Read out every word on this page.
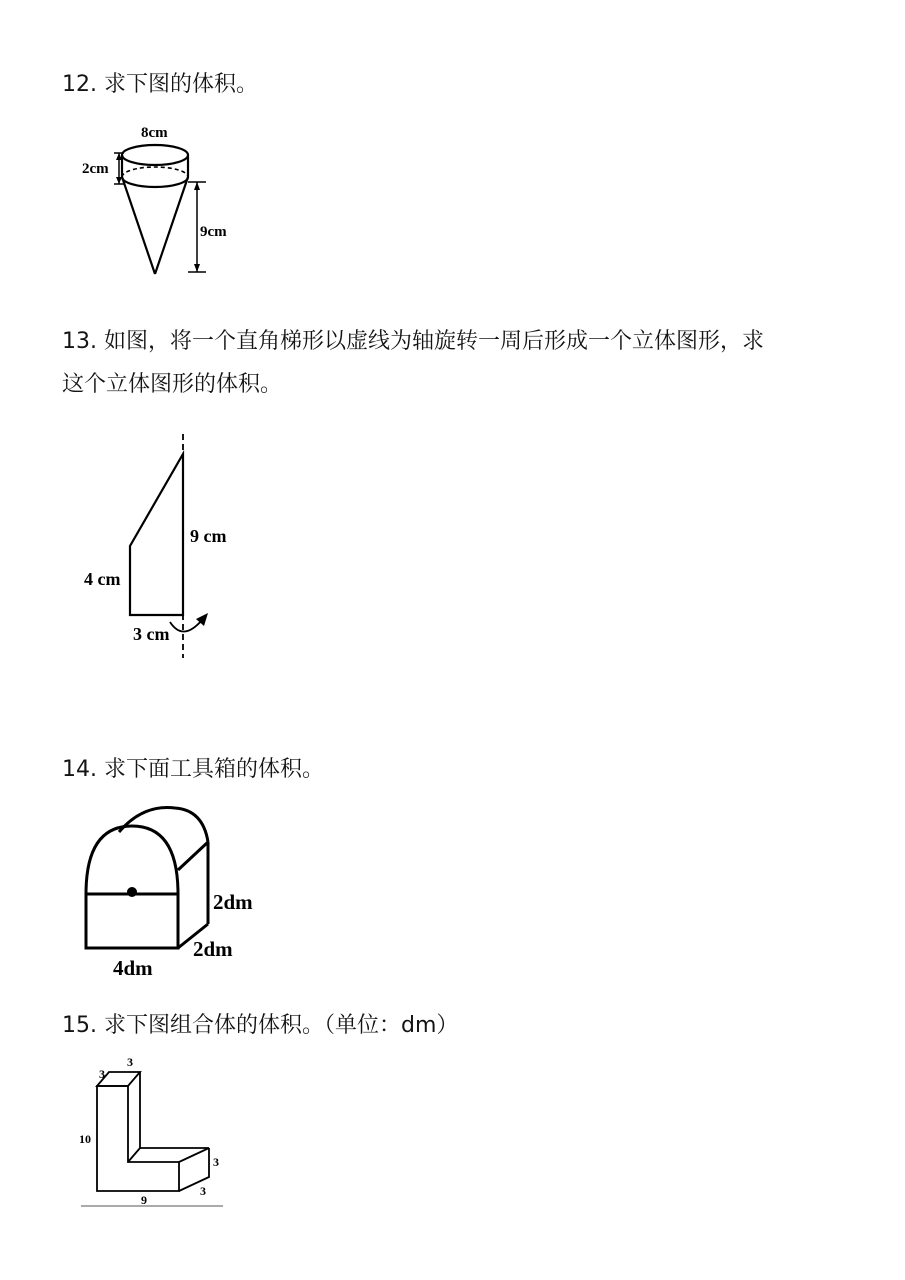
12. 求下图的体积。

2cm
8cm
9cm

13. 如图，将一个直角梯形以虚线为轴旋转一周后形成一个立体图形，求

这个立体图形的体积。

9 cm
4 cm
3 cm

14. 求下面工具箱的体积。

2dm
2dm
4dm

15. 求下图组合体的体积。（单位：dm）

3
3
10
3
3
9
